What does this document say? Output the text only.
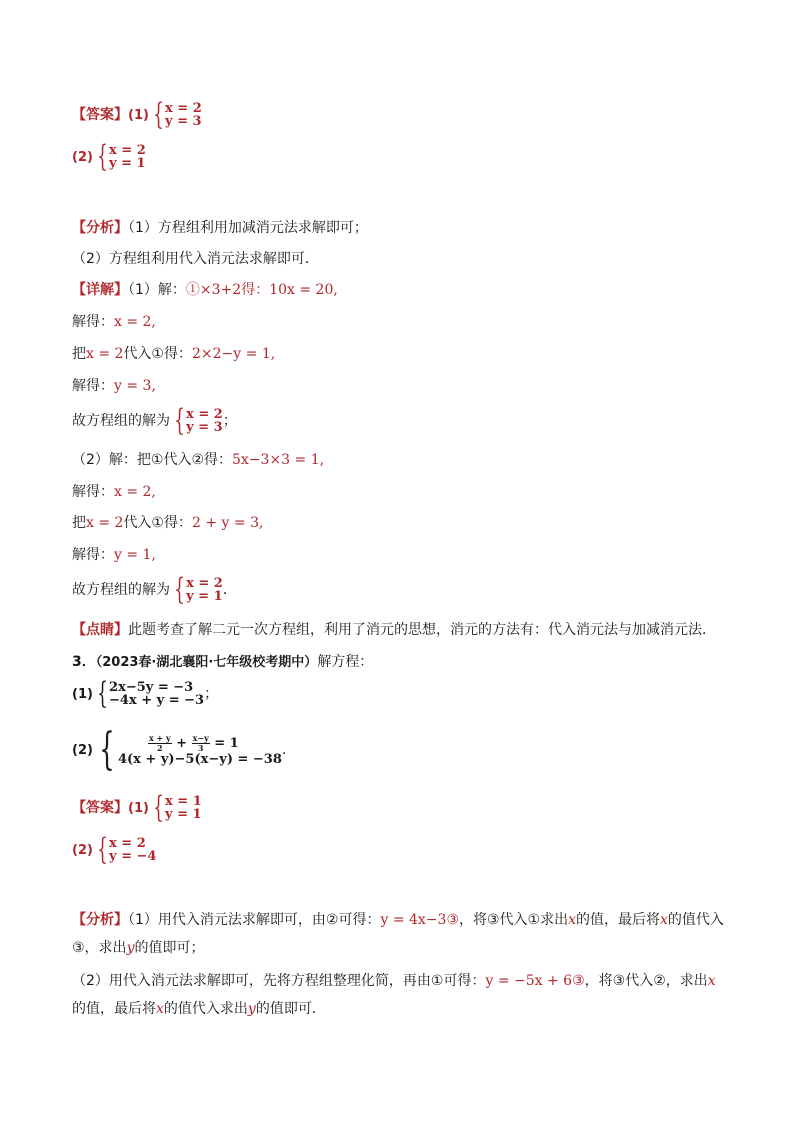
【答案】(1) { x = 2
y = 3
(2) { x = 2
y = 1
【分析】（1）方程组利用加减消元法求解即可；
（2）方程组利用代入消元法求解即可．
【详解】（1）解：①×3+2得：10x = 20,
解得：x = 2,
把x = 2代入①得：2×2−y = 1,
解得：y = 3,
故方程组的解为 { x = 2
y = 3 ；
（2）解：把①代入②得：5x−3×3 = 1,
解得：x = 2,
把x = 2代入①得：2 + y = 3,
解得：y = 1,
故方程组的解为 { x = 2
y = 1 ．
【点睛】此题考查了解二元一次方程组，利用了消元的思想，消元的方法有：代入消元法与加减消元法．
3．（2023春·湖北襄阳·七年级校考期中）解方程：
(1) { 2x−5y = −3
−4x + y = −3 ；
(2) {	$\frac{x + y}{2} + \frac{x-y}{3} = 1$
4(x + y)−5(x−y) = −38
.
【答案】(1) { x = 1
y = 1
(2) { x = 2
y = −4
【分析】（1）用代入消元法求解即可，由②可得：y = 4x−3③，将③代入①求出x的值，最后将x的值代入③，求出y的值即可；
（2）用代入消元法求解即可，先将方程组整理化简，再由①可得：y = −5x + 6③，将③代入②，求出x的值，最后将x的值代入求出y的值即可．
